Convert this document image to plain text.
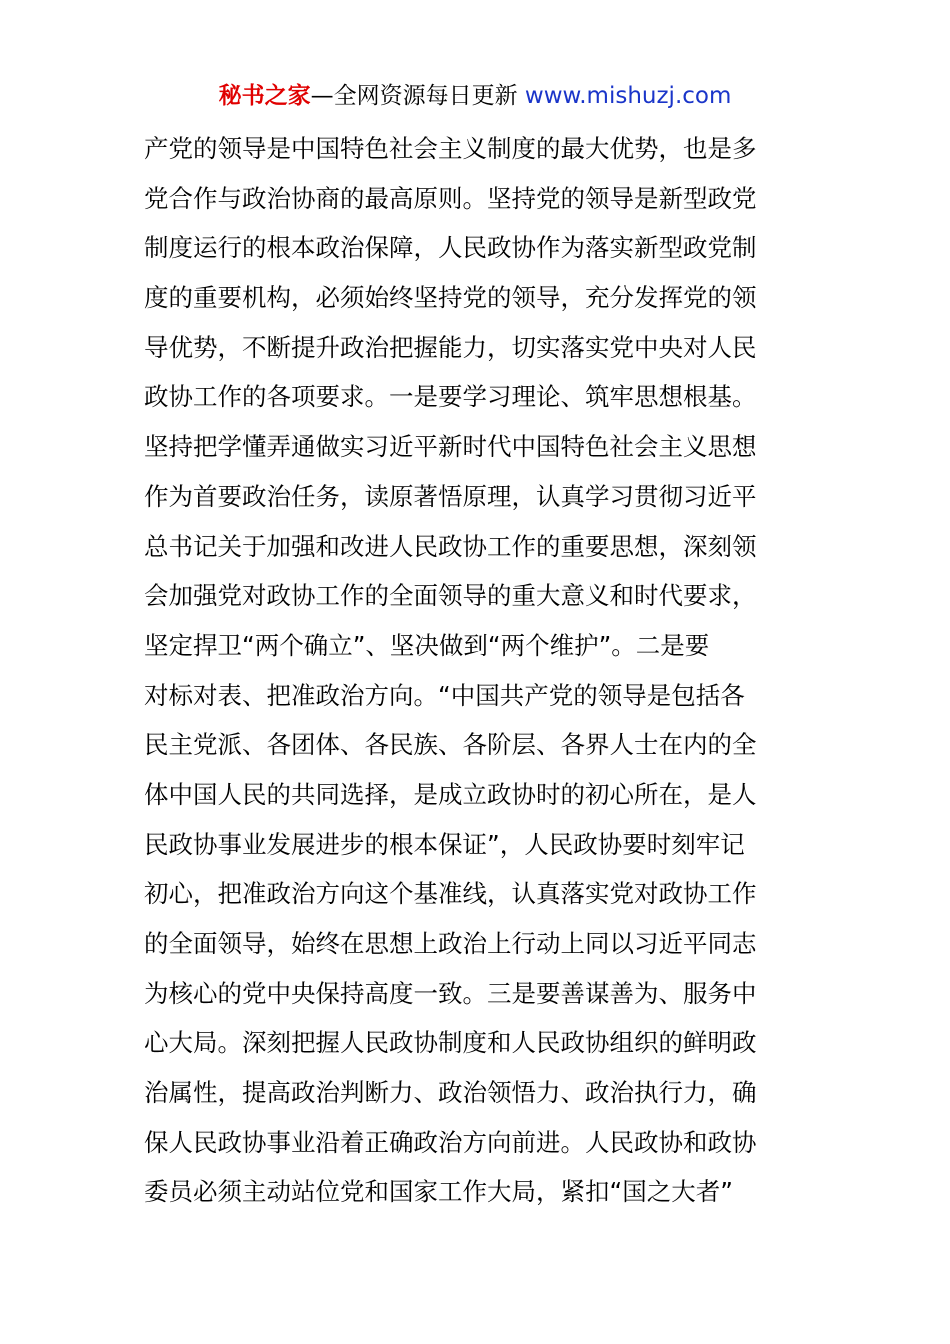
秘书之家—全网资源每日更新 www.mishuzj.com
产党的领导是中国特色社会主义制度的最大优势，也是多
党合作与政治协商的最高原则。坚持党的领导是新型政党
制度运行的根本政治保障，人民政协作为落实新型政党制
度的重要机构，必须始终坚持党的领导，充分发挥党的领
导优势，不断提升政治把握能力，切实落实党中央对人民
政协工作的各项要求。一是要学习理论、筑牢思想根基。
坚持把学懂弄通做实习近平新时代中国特色社会主义思想
作为首要政治任务，读原著悟原理，认真学习贯彻习近平
总书记关于加强和改进人民政协工作的重要思想，深刻领
会加强党对政协工作的全面领导的重大意义和时代要求，
坚定捍卫“两个确立”、坚决做到“两个维护”。二是要
对标对表、把准政治方向。“中国共产党的领导是包括各
民主党派、各团体、各民族、各阶层、各界人士在内的全
体中国人民的共同选择，是成立政协时的初心所在，是人
民政协事业发展进步的根本保证”，人民政协要时刻牢记
初心，把准政治方向这个基准线，认真落实党对政协工作
的全面领导，始终在思想上政治上行动上同以习近平同志
为核心的党中央保持高度一致。三是要善谋善为、服务中
心大局。深刻把握人民政协制度和人民政协组织的鲜明政
治属性，提高政治判断力、政治领悟力、政治执行力，确
保人民政协事业沿着正确政治方向前进。人民政协和政协
委员必须主动站位党和国家工作大局，紧扣“国之大者”
